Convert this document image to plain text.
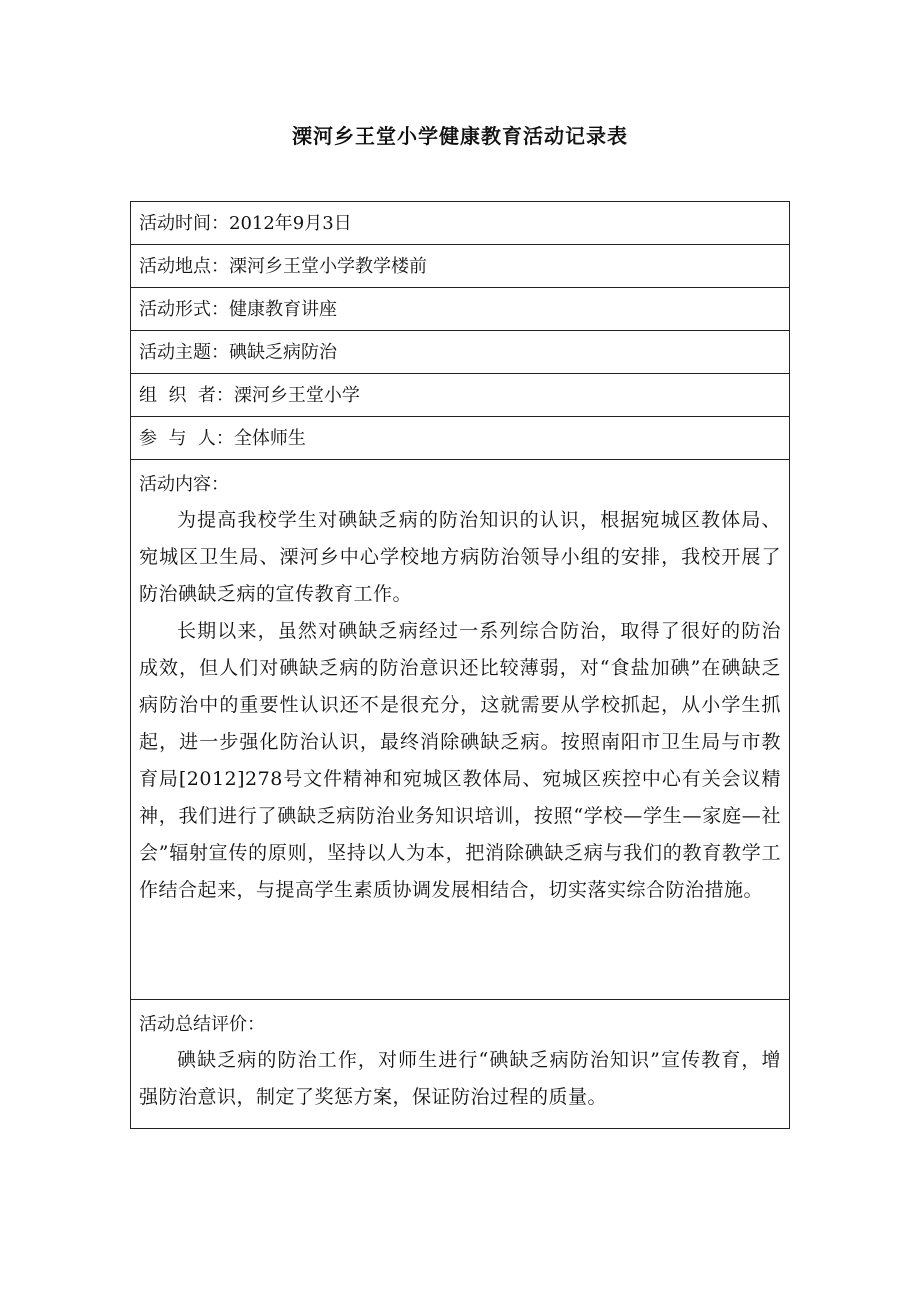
溧河乡王堂小学健康教育活动记录表
活动时间：2012年9月3日
活动地点：溧河乡王堂小学教学楼前
活动形式：健康教育讲座
活动主题：碘缺乏病防治
组  织  者：溧河乡王堂小学
参  与  人：全体师生
活动内容：

为提高我校学生对碘缺乏病的防治知识的认识，根据宛城区教体局、宛城区卫生局、溧河乡中心学校地方病防治领导小组的安排，我校开展了防治碘缺乏病的宣传教育工作。

长期以来，虽然对碘缺乏病经过一系列综合防治，取得了很好的防治成效，但人们对碘缺乏病的防治意识还比较薄弱，对“食盐加碘”在碘缺乏病防治中的重要性认识还不是很充分，这就需要从学校抓起，从小学生抓起，进一步强化防治认识，最终消除碘缺乏病。按照南阳市卫生局与市教育局[2012]278号文件精神和宛城区教体局、宛城区疾控中心有关会议精神，我们进行了碘缺乏病防治业务知识培训，按照“学校—学生—家庭—社会”辐射宣传的原则，坚持以人为本，把消除碘缺乏病与我们的教育教学工作结合起来，与提高学生素质协调发展相结合，切实落实综合防治措施。

活动总结评价：

碘缺乏病的防治工作，对师生进行“碘缺乏病防治知识”宣传教育，增强防治意识，制定了奖惩方案，保证防治过程的质量。
